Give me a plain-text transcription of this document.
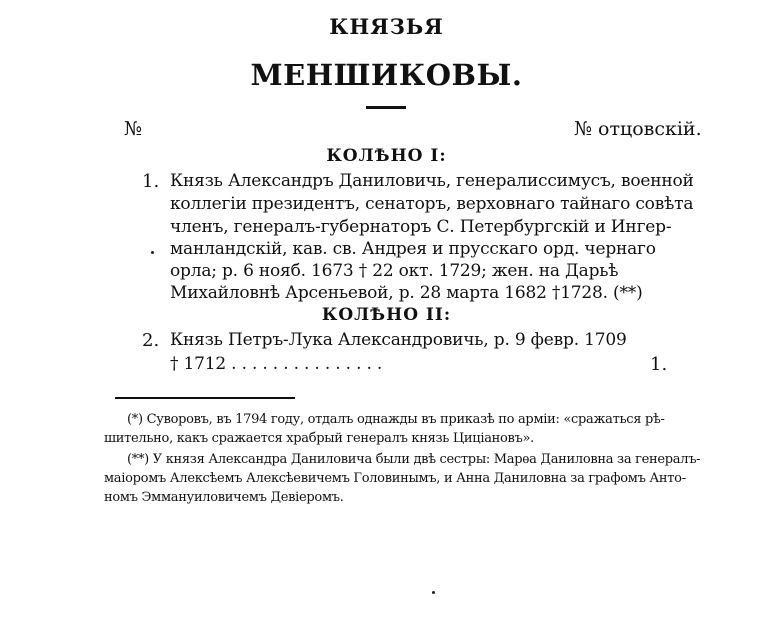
КНЯЗЬЯ
МЕНШИКОВЫ.
№	№ отцовскій.
КОЛѢНО I:
1. Князь Александръ Даниловичь, генералиссимусъ, военной
коллегіи президентъ, сенаторъ, верховнаго тайнаго совѣта
членъ, генералъ-губернаторъ С. Петербургскій и Ингер-
манландскій, кав. св. Андрея и прусскаго орд. чернаго
орла; р. 6 нояб. 1673 † 22 окт. 1729; жен. на Дарьѣ
Михайловнѣ Арсеньевой, р. 28 марта 1682 †1728. (**)
КОЛѢНО II:
2. Князь Петръ-Лука Александровичь, р. 9 февр. 1709
† 1712 . . . . . . . . . . . . . . .	1.
(*) Суворовъ, въ 1794 году, отдалъ однажды въ приказѣ по арміи: «сражаться рѣ-
шительно, какъ сражается храбрый генералъ князь Цицiановъ».
(**) У князя Александра Даниловича были двѣ сестры: Марѳа Даниловна за генералъ-
маіоромъ Алексѣемъ Алексѣевичемъ Головинымъ, и Анна Даниловна за графомъ Анто-
номъ Эммануиловичемъ Девіеромъ.
